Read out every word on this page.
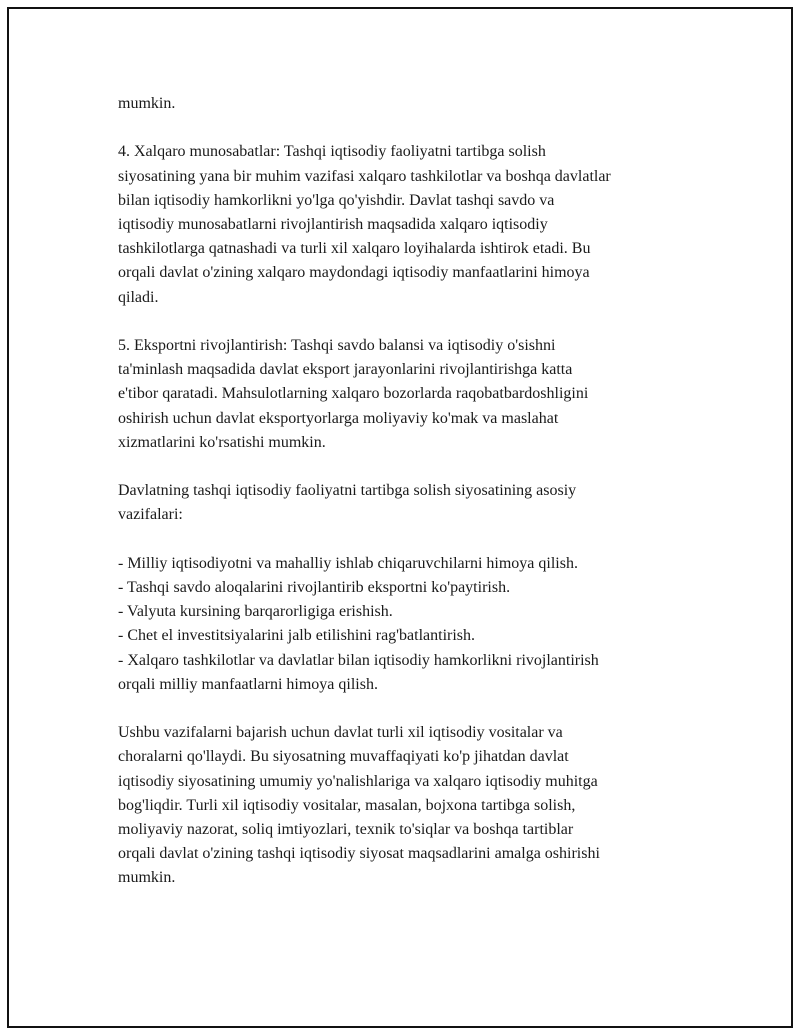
mumkin.

4. Xalqaro munosabatlar: Tashqi iqtisodiy faoliyatni tartibga solish
siyosatining yana bir muhim vazifasi xalqaro tashkilotlar va boshqa davlatlar
bilan iqtisodiy hamkorlikni yo'lga qo'yishdir. Davlat tashqi savdo va
iqtisodiy munosabatlarni rivojlantirish maqsadida xalqaro iqtisodiy
tashkilotlarga qatnashadi va turli xil xalqaro loyihalarda ishtirok etadi. Bu
orqali davlat o'zining xalqaro maydondagi iqtisodiy manfaatlarini himoya
qiladi.

5. Eksportni rivojlantirish: Tashqi savdo balansi va iqtisodiy o'sishni
ta'minlash maqsadida davlat eksport jarayonlarini rivojlantirishga katta
e'tibor qaratadi. Mahsulotlarning xalqaro bozorlarda raqobatbardoshligini
oshirish uchun davlat eksportyorlarga moliyaviy ko'mak va maslahat
xizmatlarini ko'rsatishi mumkin.

Davlatning tashqi iqtisodiy faoliyatni tartibga solish siyosatining asosiy
vazifalari:

- Milliy iqtisodiyotni va mahalliy ishlab chiqaruvchilarni himoya qilish.
- Tashqi savdo aloqalarini rivojlantirib eksportni ko'paytirish.
- Valyuta kursining barqarorligiga erishish.
- Chet el investitsiyalarini jalb etilishini rag'batlantirish.
- Xalqaro tashkilotlar va davlatlar bilan iqtisodiy hamkorlikni rivojlantirish
orqali milliy manfaatlarni himoya qilish.

Ushbu vazifalarni bajarish uchun davlat turli xil iqtisodiy vositalar va
choralarni qo'llaydi. Bu siyosatning muvaffaqiyati ko'p jihatdan davlat
iqtisodiy siyosatining umumiy yo'nalishlariga va xalqaro iqtisodiy muhitga
bog'liqdir. Turli xil iqtisodiy vositalar, masalan, bojxona tartibga solish,
moliyaviy nazorat, soliq imtiyozlari, texnik to'siqlar va boshqa tartiblar
orqali davlat o'zining tashqi iqtisodiy siyosat maqsadlarini amalga oshirishi
mumkin.
